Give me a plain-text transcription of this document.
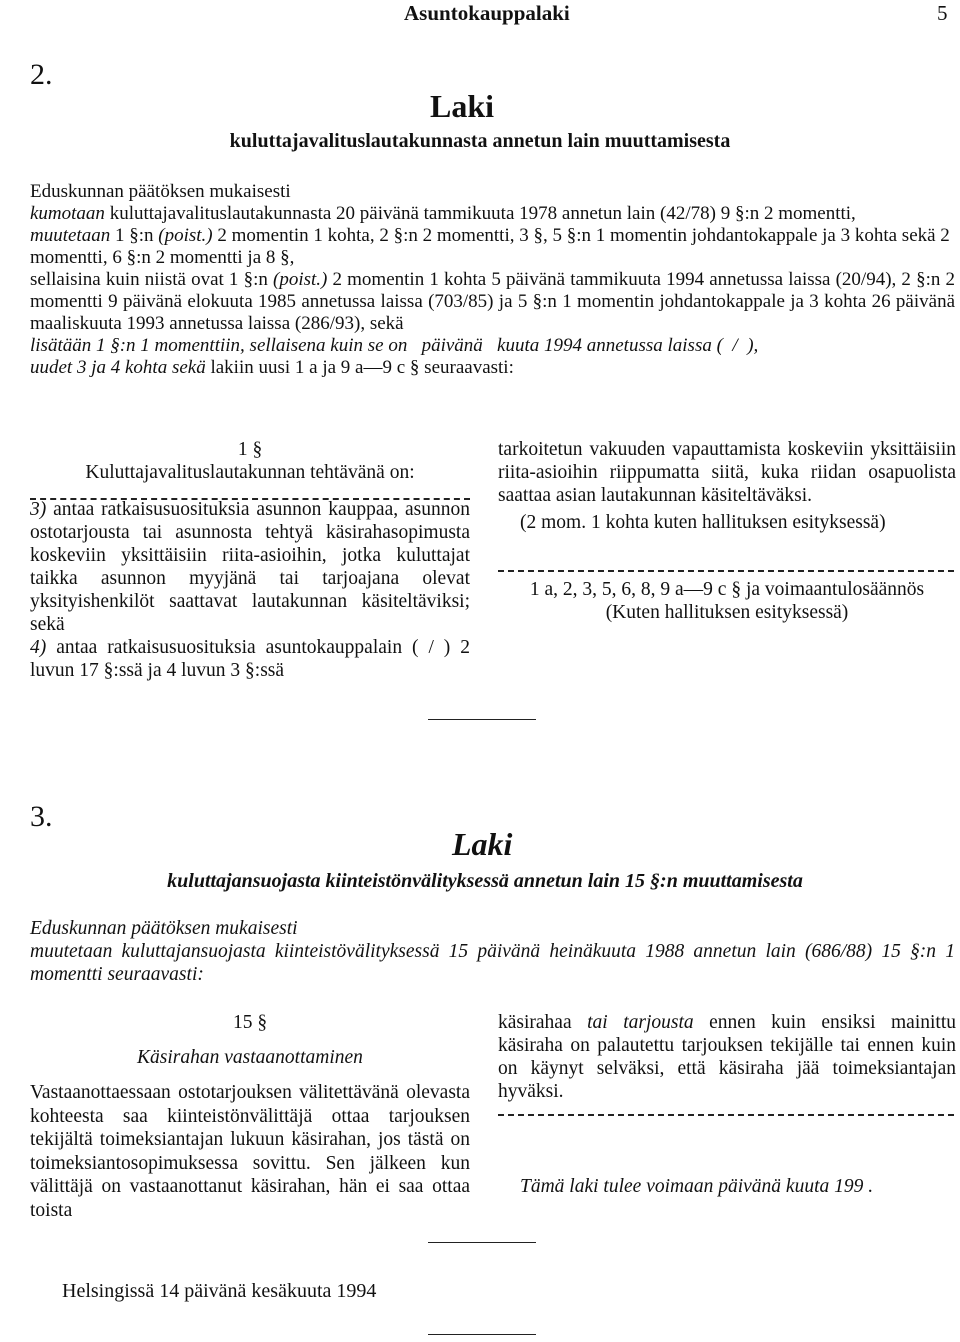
Asuntokauppalaki	5
2.
Laki
kuluttajavalituslautakunnasta annetun lain muuttamisesta
Eduskunnan päätöksen mukaisesti
kumotaan kuluttajavalituslautakunnasta 20 päivänä tammikuuta 1978 annetun lain (42/78) 9 §:n 2 momentti,
muutetaan 1 §:n (poist.) 2 momentin 1 kohta, 2 §:n 2 momentti, 3 §, 5 §:n 1 momentin johdantokappale ja 3 kohta sekä 2 momentti, 6 §:n 2 momentti ja 8 §,
sellaisina kuin niistä ovat 1 §:n (poist.) 2 momentin 1 kohta 5 päivänä tammikuuta 1994 annetussa laissa (20/94), 2 §:n 2 momentti 9 päivänä elokuuta 1985 annetussa laissa (703/85) ja 5 §:n 1 momentin johdantokappale ja 3 kohta 26 päivänä maaliskuuta 1993 annetussa laissa (286/93), sekä
lisätään 1 §:n 1 momenttiin, sellaisena kuin se on   päivänä   kuuta 1994 annetussa laissa (  /  ),
uudet 3 ja 4 kohta sekä lakiin uusi 1 a ja 9 a—9 c § seuraavasti:

1 §

Kuluttajavalituslautakunnan tehtävänä on:

3) antaa ratkaisusuosituksia asunnon kauppaa, asunnon ostotarjousta tai asunnosta tehtyä käsirahasopimusta koskeviin yksittäisiin riita-asioihin, jotka kuluttajat taikka asunnon myyjänä tai tarjoajana olevat yksityishenkilöt saattavat lautakunnan käsiteltäviksi; sekä

4) antaa ratkaisusuosituksia asuntokauppalain ( / ) 2 luvun 17 §:ssä ja 4 luvun 3 §:ssä

tarkoitetun vakuuden vapauttamista koskeviin yksittäisiin riita-asioihin riippumatta siitä, kuka riidan osapuolista saattaa asian lautakunnan käsiteltäväksi.

(2 mom. 1 kohta kuten hallituksen esityksessä)

1 a, 2, 3, 5, 6, 8, 9 a—9 c § ja voimaantulosäännös

(Kuten hallituksen esityksessä)

3.
Laki
kuluttajansuojasta kiinteistönvälityksessä annetun lain 15 §:n muuttamisesta
Eduskunnan päätöksen mukaisesti
muutetaan kuluttajansuojasta kiinteistövälityksessä 15 päivänä heinäkuuta 1988 annetun lain (686/88) 15 §:n 1 momentti seuraavasti:

15 §

Käsirahan vastaanottaminen

Vastaanottaessaan ostotarjouksen välitettävänä olevasta kohteesta saa kiinteistönvälittäjä ottaa tarjouksen tekijältä toimeksiantajan lukuun käsirahan, jos tästä on toimeksiantosopimuksessa sovittu. Sen jälkeen kun välittäjä on vastaanottanut käsirahan, hän ei saa ottaa toista

käsirahaa tai tarjousta ennen kuin ensiksi mainittu käsiraha on palautettu tarjouksen tekijälle tai ennen kuin on käynyt selväksi, että käsiraha jää toimeksiantajan hyväksi.

Tämä laki tulee voimaan päivänä kuuta 199 .

Helsingissä 14 päivänä kesäkuuta 1994
